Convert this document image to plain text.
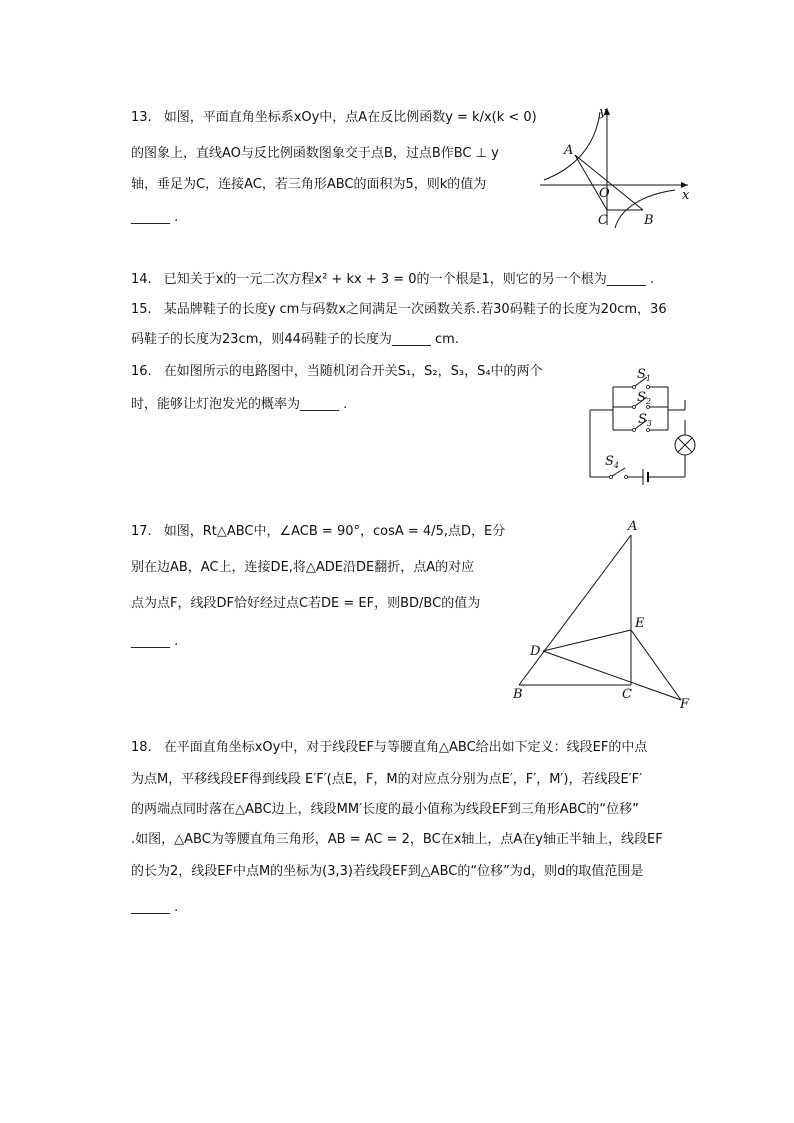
13. 如图，平面直角坐标系xOy中，点A在反比例函数y = k/x(k < 0)
的图象上，直线AO与反比例函数图象交于点B，过点B作BC ⊥ y
轴，垂足为C，连接AC，若三角形ABC的面积为5，则k的值为
______ .
y
x
A
O
C	B
14. 已知关于x的一元二次方程x² + kx + 3 = 0的一个根是1，则它的另一个根为______ .
15. 某品牌鞋子的长度y cm与码数x之间满足一次函数关系.若30码鞋子的长度为20cm，36
码鞋子的长度为23cm，则44码鞋子的长度为______ cm.
16. 在如图所示的电路图中，当随机闭合开关S₁，S₂，S₃，S₄中的两个
时，能够让灯泡发光的概率为______ .
$S_1$
$S_2$
$S_3$
$S_4$
17. 如图，Rt△ABC中，∠ACB = 90°，cosA = 4/5,点D，E分
别在边AB，AC上，连接DE,将△ADE沿DE翻折，点A的对应
点为点F，线段DF恰好经过点C若DE = EF，则BD/BC的值为
______ .
A
E
D
B	C
F
18. 在平面直角坐标xOy中，对于线段EF与等腰直角△ABC给出如下定义：线段EF的中点
为点M，平移线段EF得到线段 E′F′(点E，F，M的对应点分别为点E′，F′，M′)，若线段E′F′
的两端点同时落在△ABC边上，线段MM′长度的最小值称为线段EF到三角形ABC的“位移”
.如图，△ABC为等腰直角三角形，AB = AC = 2，BC在x轴上，点A在y轴正半轴上，线段EF
的长为2，线段EF中点M的坐标为(3,3)若线段EF到△ABC的“位移”为d，则d的取值范围是
______ .
